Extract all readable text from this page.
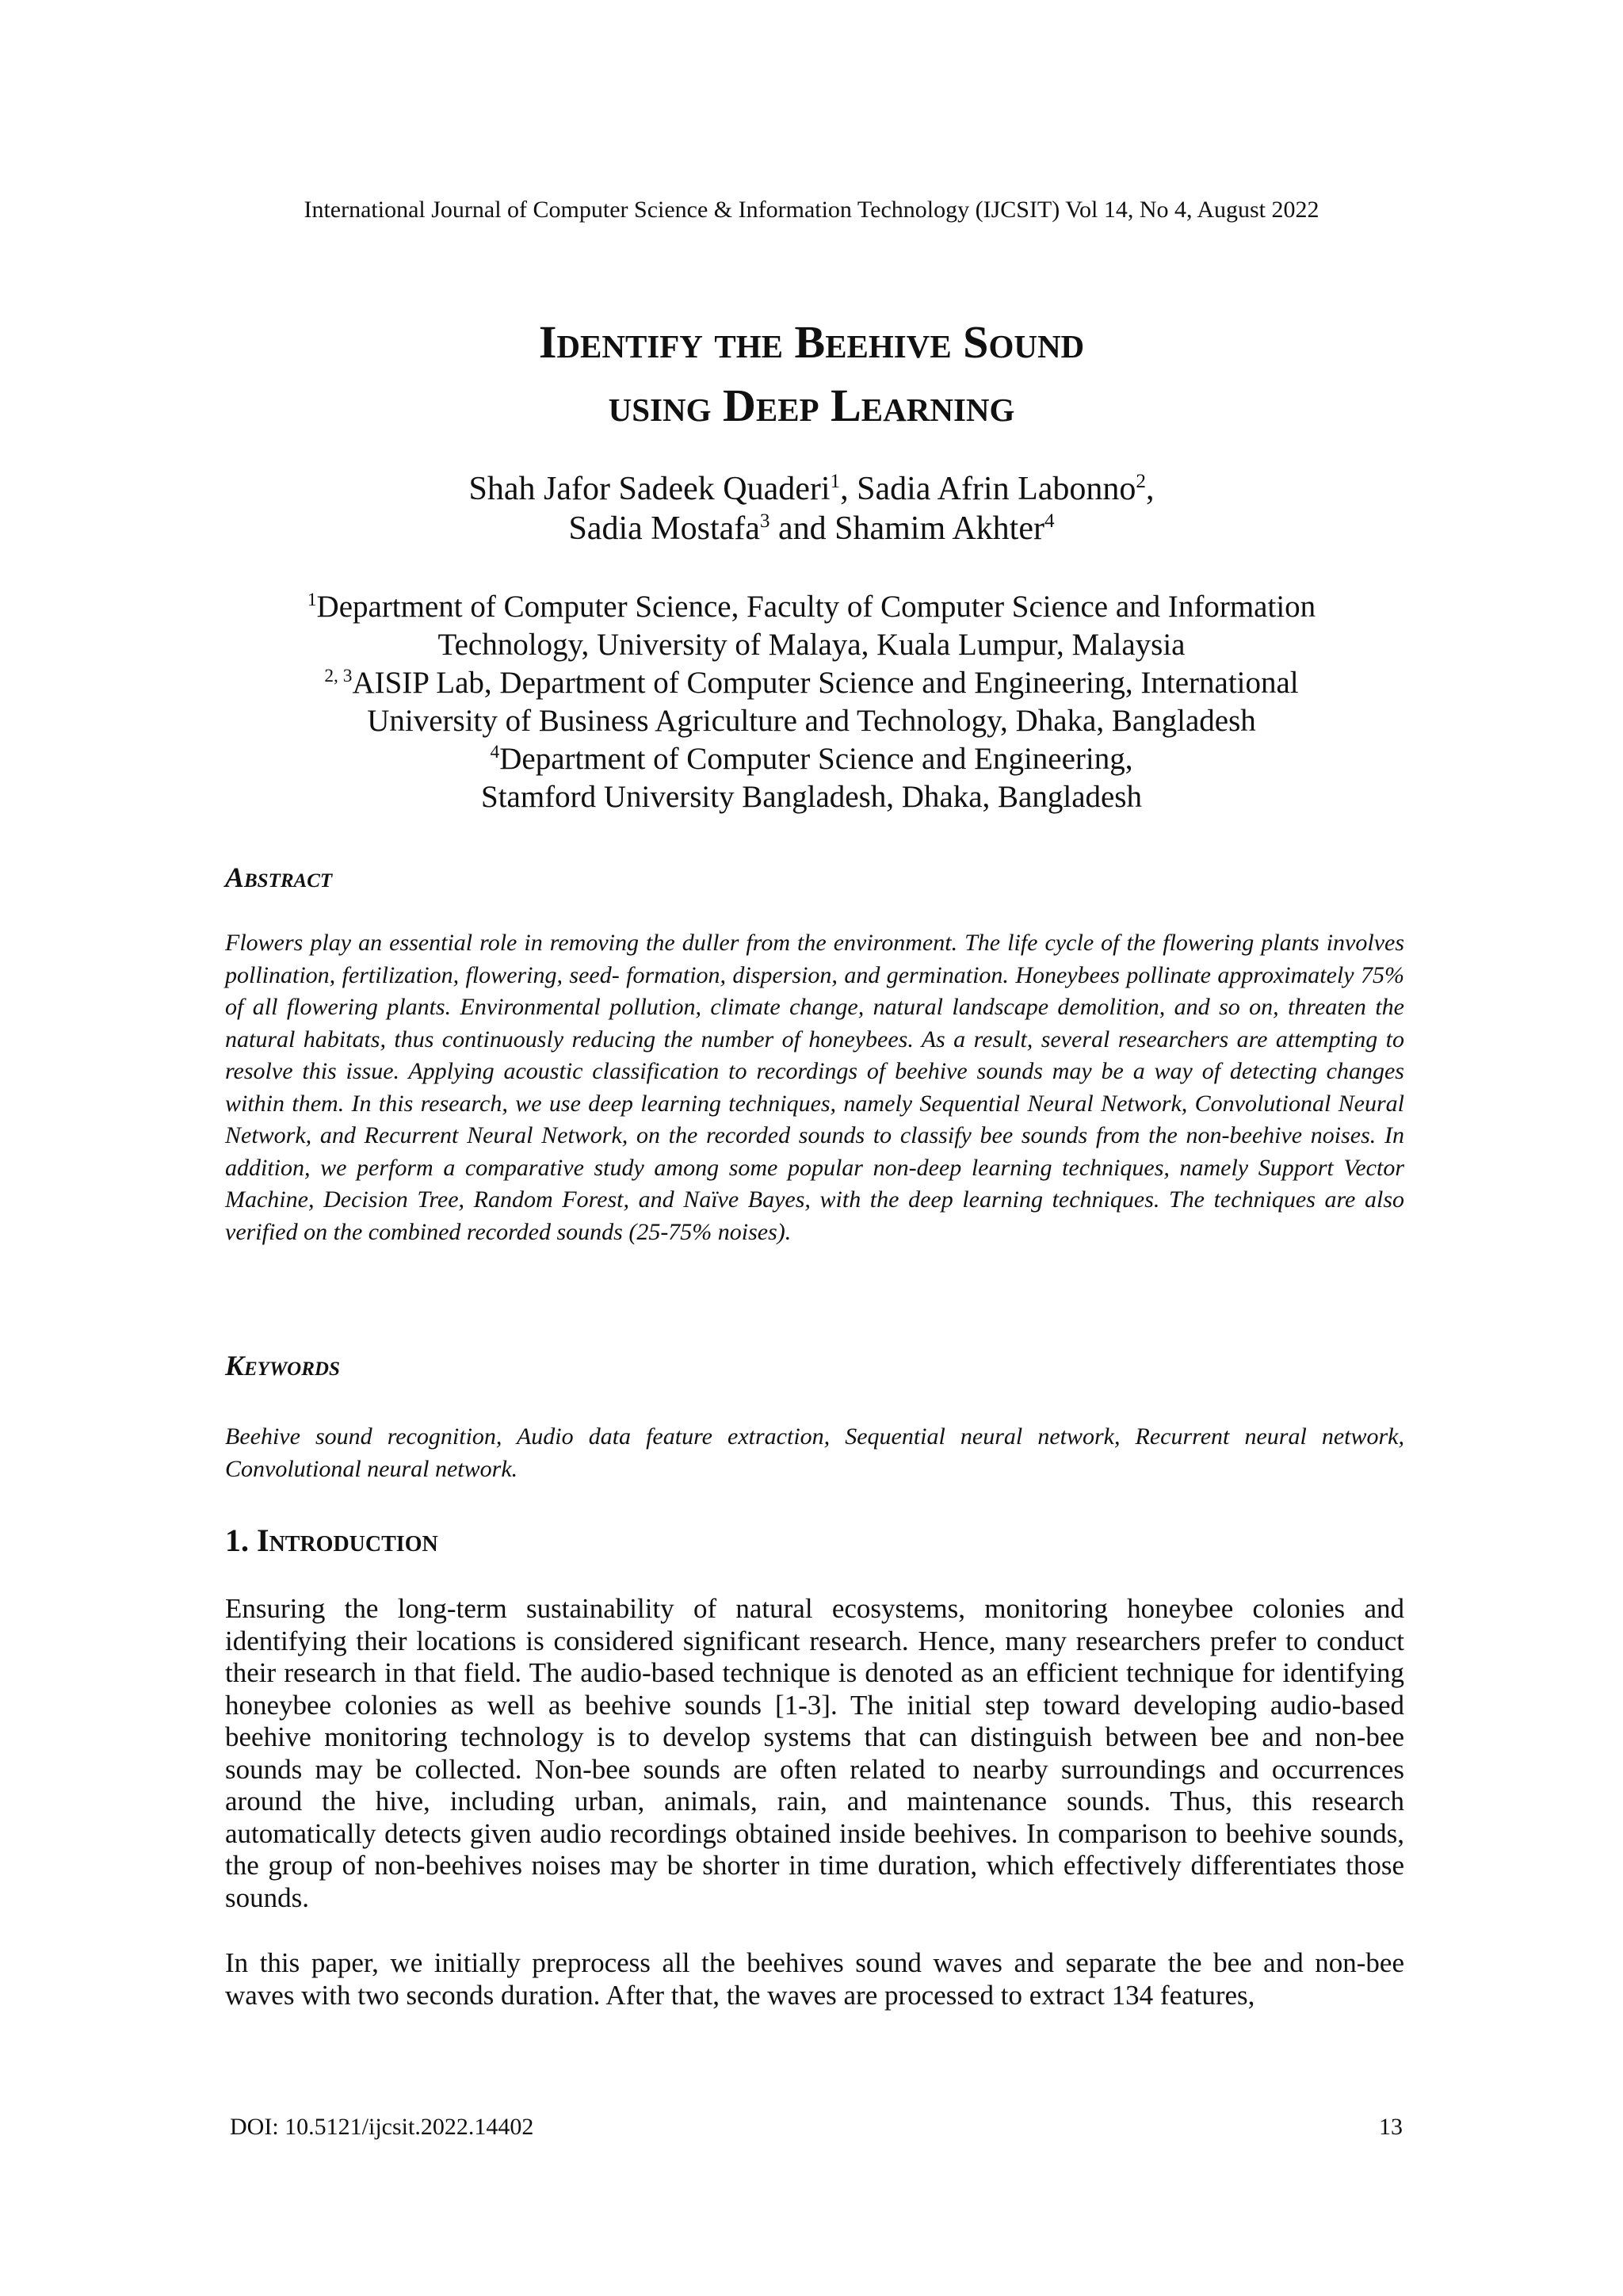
International Journal of Computer Science & Information Technology (IJCSIT) Vol 14, No 4, August 2022
Identify the Beehive Sound
using Deep Learning
Shah Jafor Sadeek Quaderi$^1$, Sadia Afrin Labonno$^2$,
Sadia Mostafa$^3$ and Shamim Akhter$^4$
$^1$Department of Computer Science, Faculty of Computer Science and Information
Technology, University of Malaya, Kuala Lumpur, Malaysia
$^{2, 3}$AISIP Lab, Department of Computer Science and Engineering, International
University of Business Agriculture and Technology, Dhaka, Bangladesh
$^4$Department of Computer Science and Engineering,
Stamford University Bangladesh, Dhaka, Bangladesh
Abstract
Flowers play an essential role in removing the duller from the environment. The life cycle of the flowering plants involves pollination, fertilization, flowering, seed- formation, dispersion, and germination. Honeybees pollinate approximately 75% of all flowering plants. Environmental pollution, climate change, natural landscape demolition, and so on, threaten the natural habitats, thus continuously reducing the number of honeybees. As a result, several researchers are attempting to resolve this issue. Applying acoustic classification to recordings of beehive sounds may be a way of detecting changes within them. In this research, we use deep learning techniques, namely Sequential Neural Network, Convolutional Neural Network, and Recurrent Neural Network, on the recorded sounds to classify bee sounds from the non-beehive noises. In addition, we perform a comparative study among some popular non-deep learning techniques, namely Support Vector Machine, Decision Tree, Random Forest, and Naïve Bayes, with the deep learning techniques. The techniques are also verified on the combined recorded sounds (25-75% noises).
Keywords
Beehive sound recognition, Audio data feature extraction, Sequential neural network, Recurrent neural network, Convolutional neural network.
1. Introduction
Ensuring the long-term sustainability of natural ecosystems, monitoring honeybee colonies and identifying their locations is considered significant research. Hence, many researchers prefer to conduct their research in that field. The audio-based technique is denoted as an efficient technique for identifying honeybee colonies as well as beehive sounds [1-3]. The initial step toward developing audio-based beehive monitoring technology is to develop systems that can distinguish between bee and non-bee sounds may be collected. Non-bee sounds are often related to nearby surroundings and occurrences around the hive, including urban, animals, rain, and maintenance sounds. Thus, this research automatically detects given audio recordings obtained inside beehives. In comparison to beehive sounds, the group of non-beehives noises may be shorter in time duration, which effectively differentiates those sounds.
In this paper, we initially preprocess all the beehives sound waves and separate the bee and non-bee waves with two seconds duration. After that, the waves are processed to extract 134 features,
DOI: 10.5121/ijcsit.2022.14402	13
